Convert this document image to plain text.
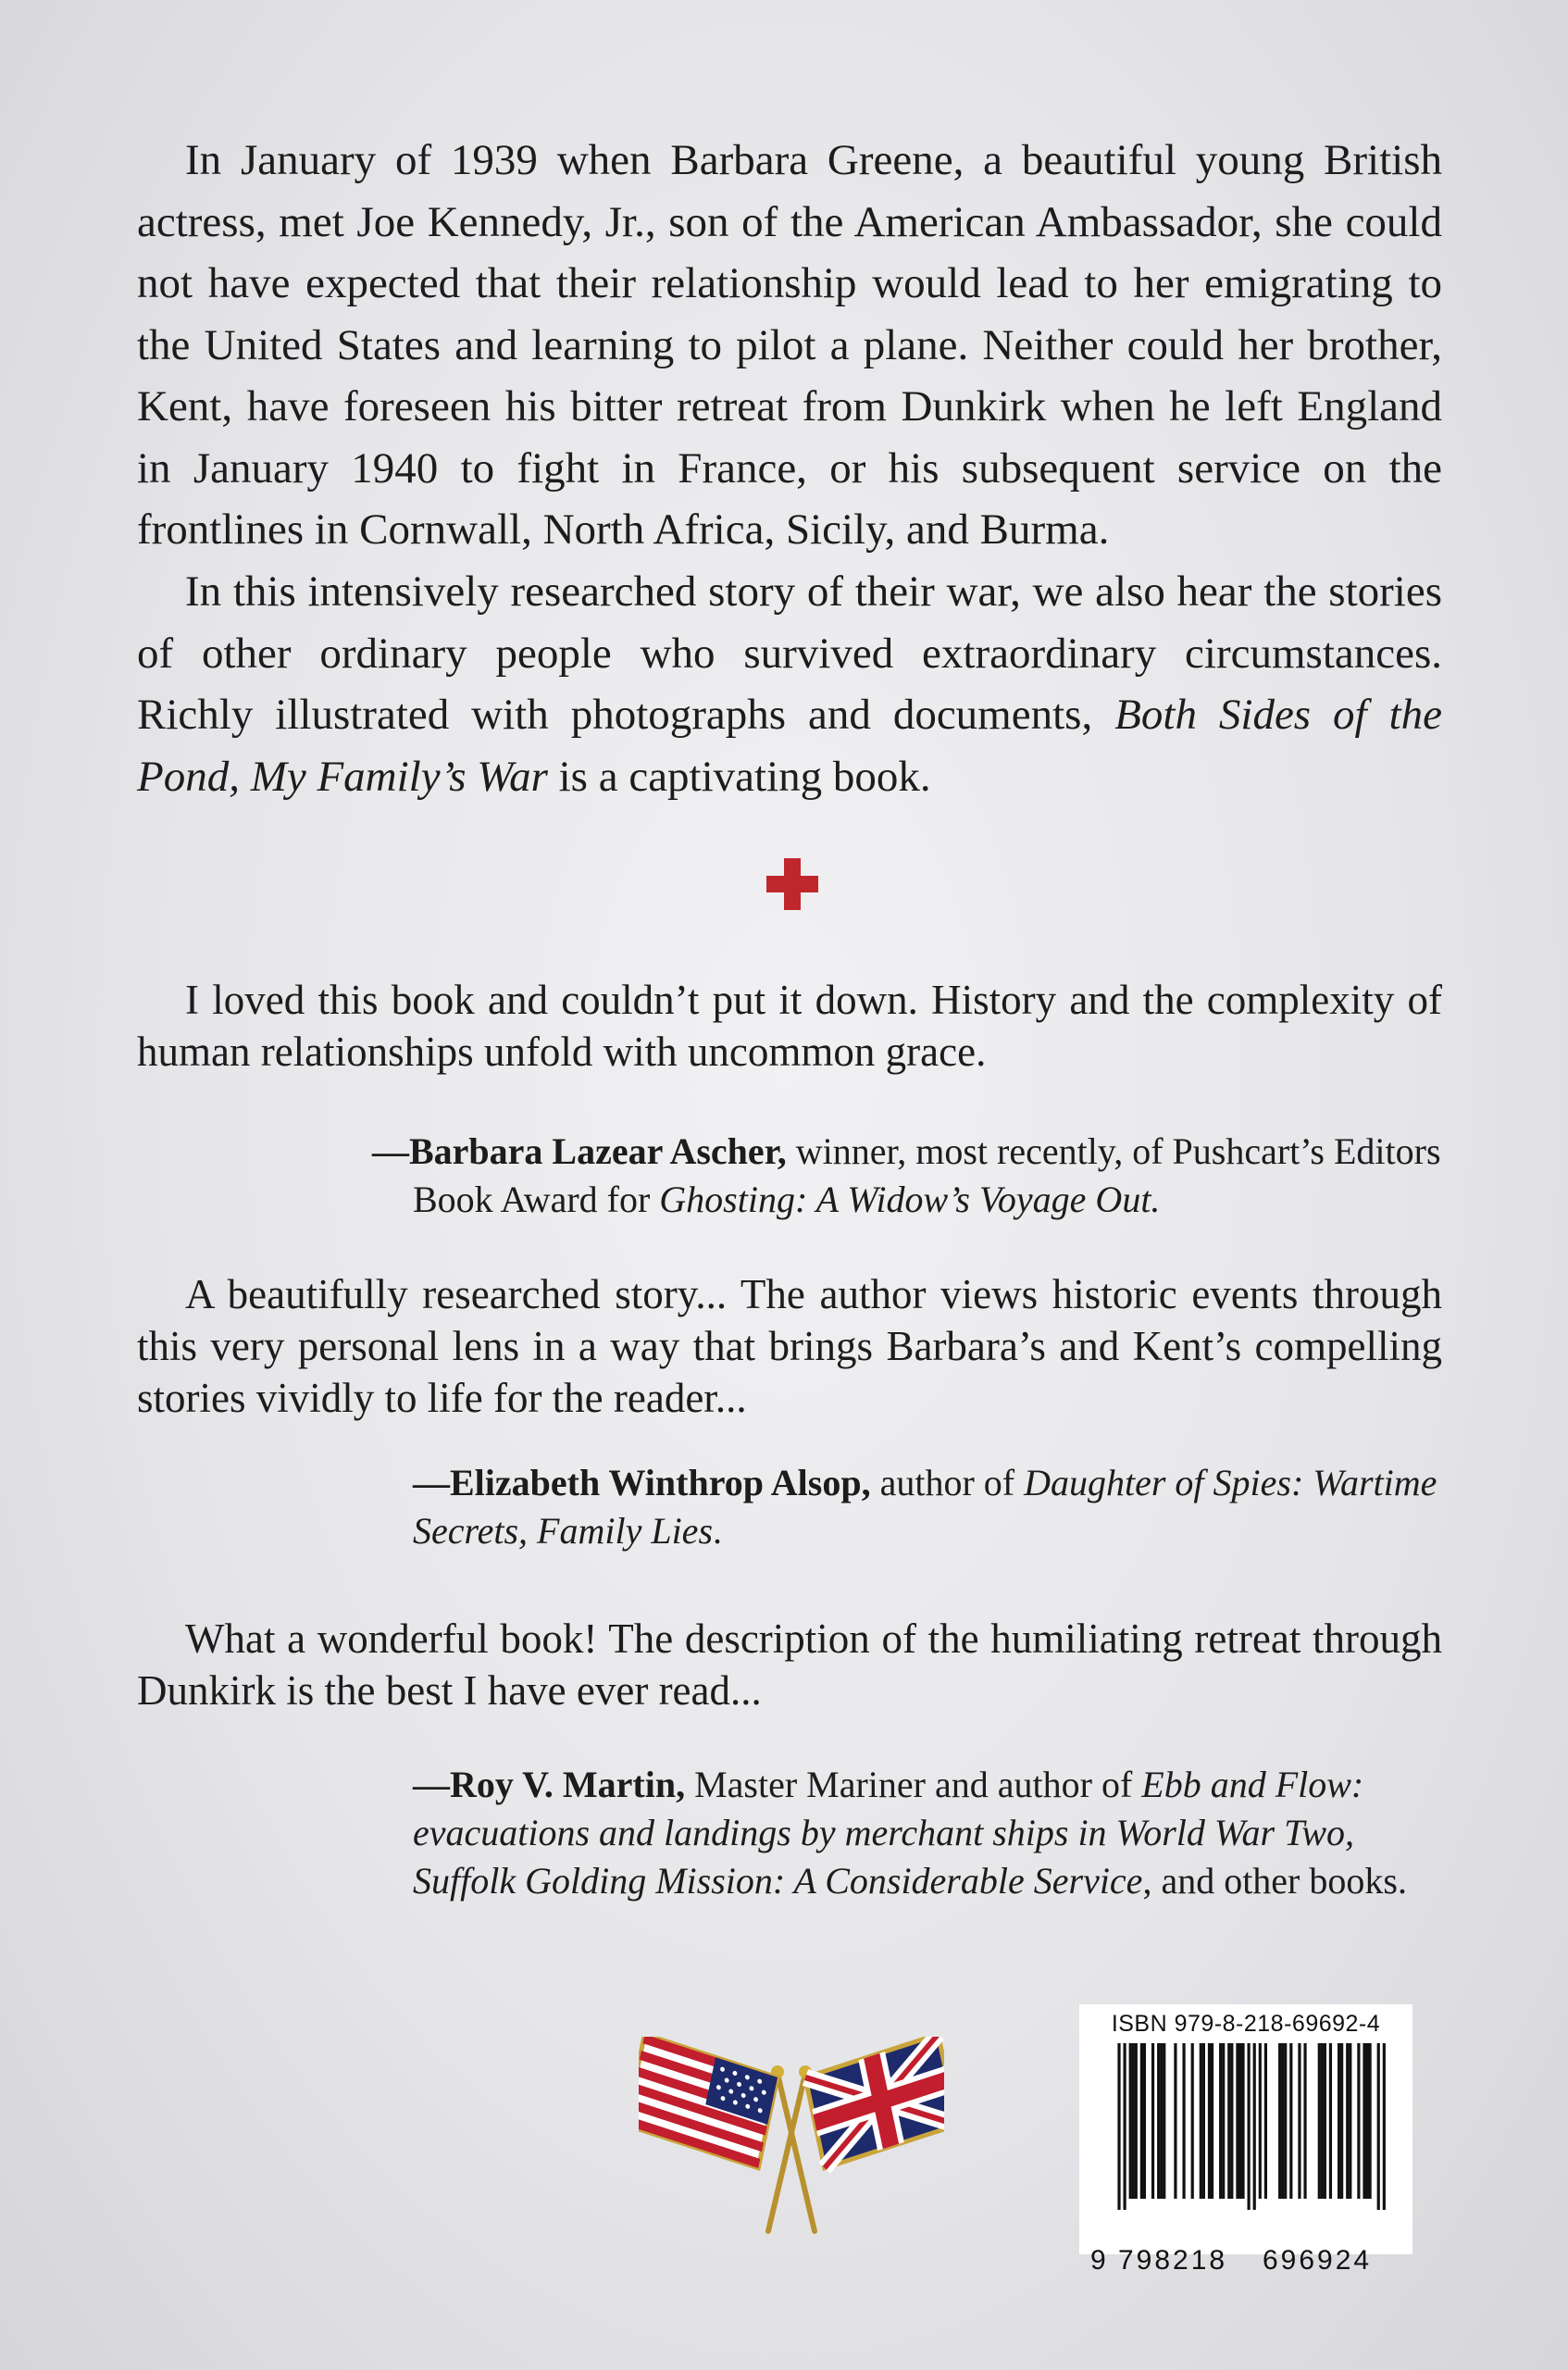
In January of 1939 when Barbara Greene, a beautiful young British actress, met Joe Kennedy, Jr., son of the American Ambassador, she could not have expected that their relationship would lead to her emigrating to the United States and learning to pilot a plane. Neither could her brother, Kent, have foreseen his bitter retreat from Dunkirk when he left England in January 1940 to fight in France, or his subsequent service on the frontlines in Cornwall, North Africa, Sicily, and Burma.

In this intensively researched story of their war, we also hear the stories of other ordinary people who survived extraordinary circumstances. Richly illustrated with photographs and documents, Both Sides of the Pond, My Family’s War is a captivating book.

I loved this book and couldn’t put it down. History and the complexity of human relationships unfold with uncommon grace.

—Barbara Lazear Ascher, winner, most recently, of Pushcart’s Editors Book Award for Ghosting: A Widow’s Voyage Out.

A beautifully researched story... The author views historic events through this very personal lens in a way that brings Barbara’s and Kent’s compelling stories vividly to life for the reader...

—Elizabeth Winthrop Alsop, author of Daughter of Spies: Wartime Secrets, Family Lies.

What a wonderful book! The description of the humiliating retreat through Dunkirk is the best I have ever read...

—Roy V. Martin, Master Mariner and author of Ebb and Flow: evacuations and landings by merchant ships in World War Two, Suffolk Golding Mission: A Considerable Service, and other books.

ISBN 979-8-218-69692-4
9 798218 696924
